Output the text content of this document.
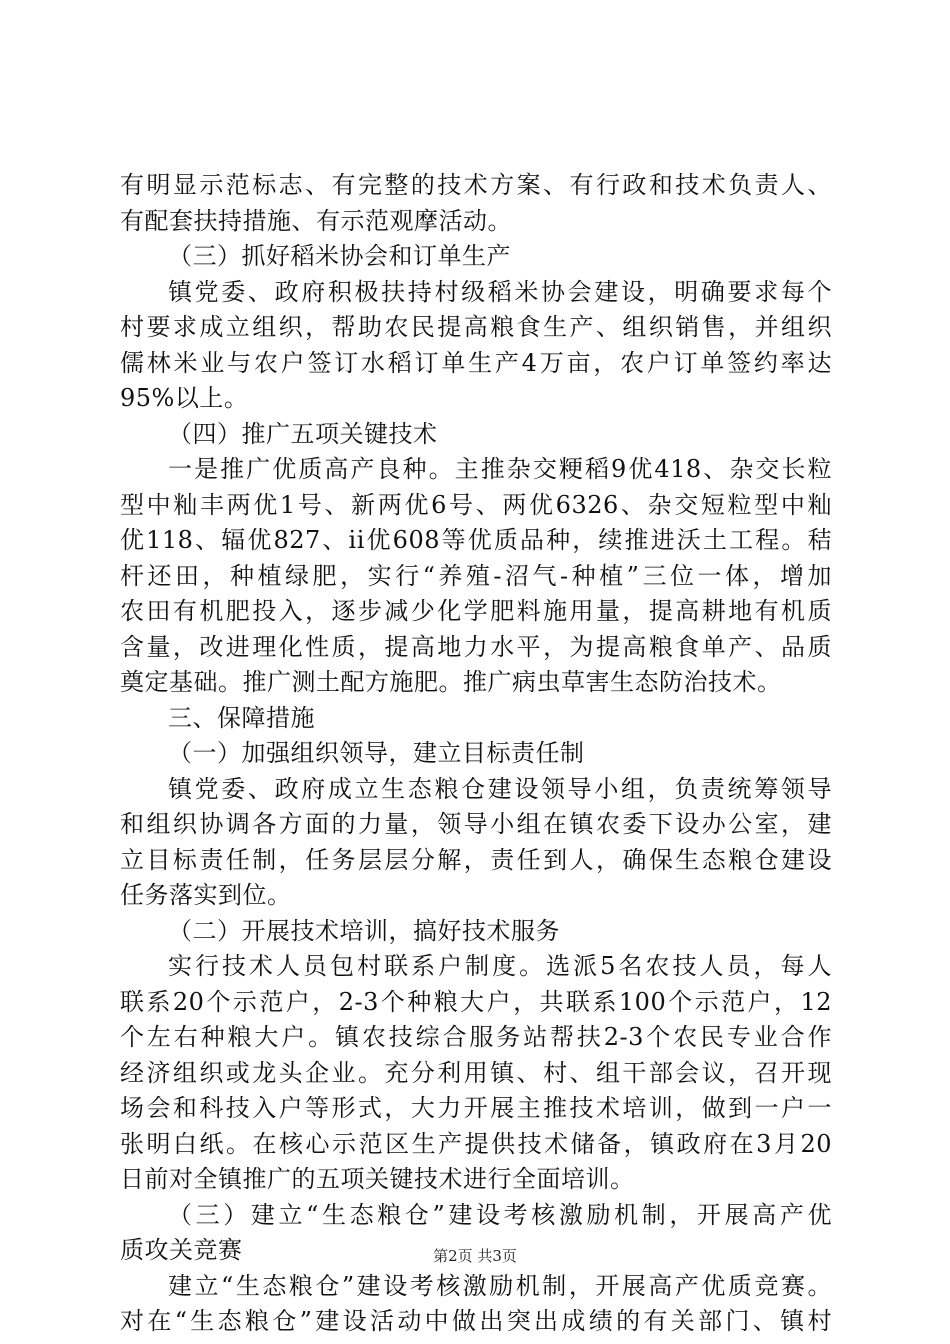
有明显示范标志、有完整的技术方案、有行政和技术负责人、
有配套扶持措施、有示范观摩活动。
（三）抓好稻米协会和订单生产
镇党委、政府积极扶持村级稻米协会建设，明确要求每个
村要求成立组织，帮助农民提高粮食生产、组织销售，并组织
儒林米业与农户签订水稻订单生产4万亩，农户订单签约率达
95%以上。
（四）推广五项关键技术
一是推广优质高产良种。主推杂交粳稻9优418、杂交长粒
型中籼丰两优1号、新两优6号、两优6326、杂交短粒型中籼
优118、辐优827、ii优608等优质品种，续推进沃土工程。秸
杆还田，种植绿肥，实行“养殖-沼气-种植”三位一体，增加
农田有机肥投入，逐步减少化学肥料施用量，提高耕地有机质
含量，改进理化性质，提高地力水平，为提高粮食单产、品质
奠定基础。推广测土配方施肥。推广病虫草害生态防治技术。
三、保障措施
（一）加强组织领导，建立目标责任制
镇党委、政府成立生态粮仓建设领导小组，负责统筹领导
和组织协调各方面的力量，领导小组在镇农委下设办公室，建
立目标责任制，任务层层分解，责任到人，确保生态粮仓建设
任务落实到位。
（二）开展技术培训，搞好技术服务
实行技术人员包村联系户制度。选派5名农技人员，每人
联系20个示范户，2-3个种粮大户，共联系100个示范户，12
个左右种粮大户。镇农技综合服务站帮扶2-3个农民专业合作
经济组织或龙头企业。充分利用镇、村、组干部会议，召开现
场会和科技入户等形式，大力开展主推技术培训，做到一户一
张明白纸。在核心示范区生产提供技术储备，镇政府在3月20
日前对全镇推广的五项关键技术进行全面培训。
（三）建立“生态粮仓”建设考核激励机制，开展高产优
质攻关竞赛
建立“生态粮仓”建设考核激励机制，开展高产优质竞赛。
对在“生态粮仓”建设活动中做出突出成绩的有关部门、镇村
第2页 共3页
